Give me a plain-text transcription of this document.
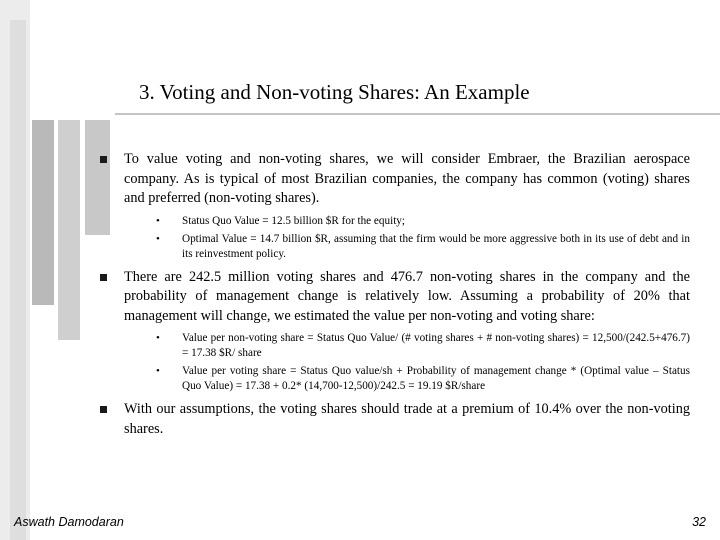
3. Voting and Non-voting Shares: An Example
To value voting and non-voting shares, we will consider Embraer, the Brazilian aerospace company. As is typical of most Brazilian companies, the company has common (voting) shares and preferred (non-voting shares).
• Status Quo Value = 12.5 billion $R for the equity;
• Optimal Value = 14.7 billion $R, assuming that the firm would be more aggressive both in its use of debt and in its reinvestment policy.
There are 242.5 million voting shares and 476.7 non-voting shares in the company and the probability of management change is relatively low. Assuming a probability of 20% that management will change, we estimated the value per non-voting and voting share:
• Value per non-voting share = Status Quo Value/ (# voting shares + # non-voting shares) = 12,500/(242.5+476.7) = 17.38 $R/ share
• Value per voting share = Status Quo value/sh + Probability of management change * (Optimal value – Status Quo Value) = 17.38 + 0.2* (14,700-12,500)/242.5 = 19.19 $R/share
With our assumptions, the voting shares should trade at a premium of 10.4% over the non-voting shares.
Aswath Damodaran	32
